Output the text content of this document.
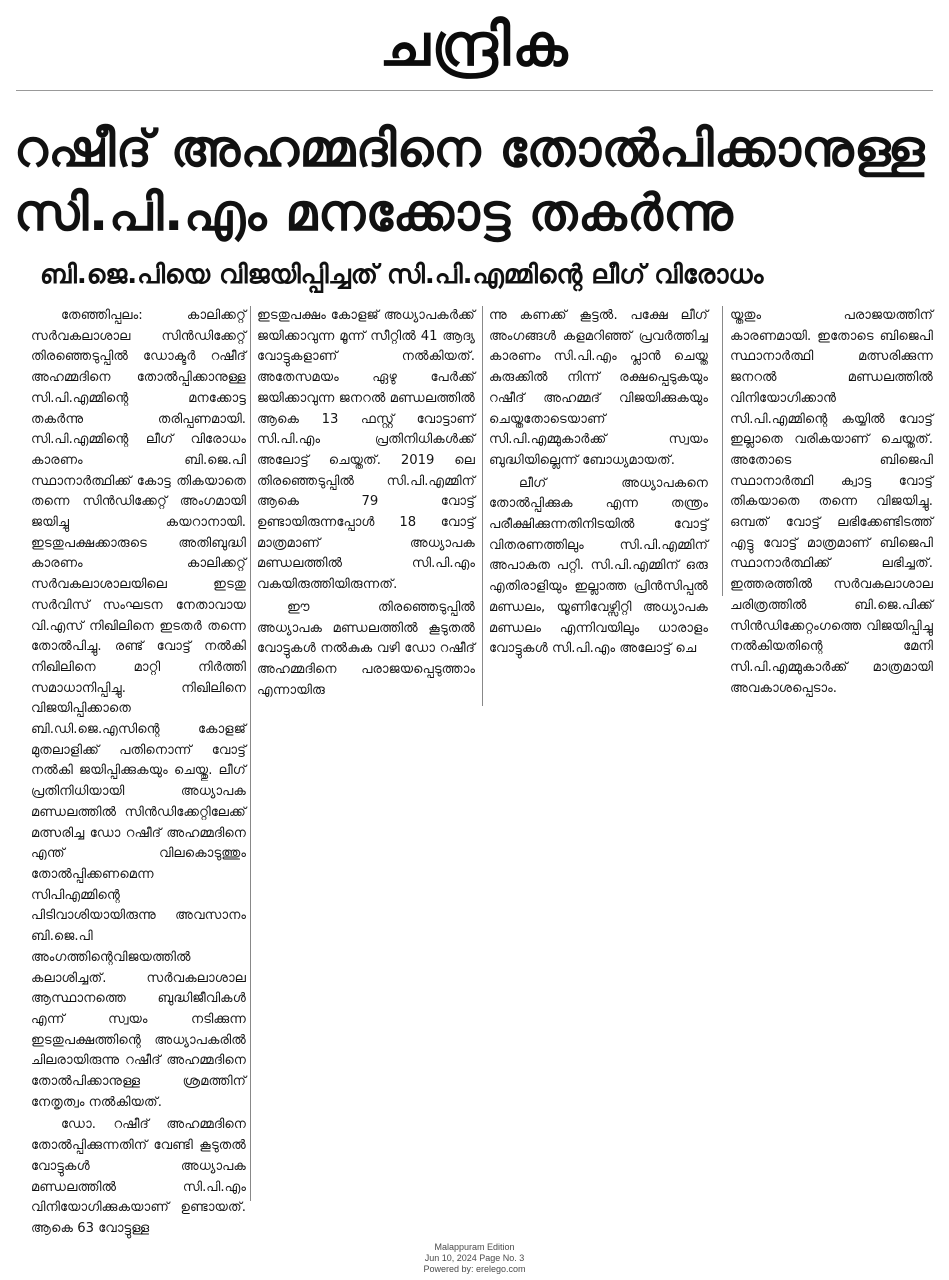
ചന്ദ്രിക
റഷീദ് അഹമ്മദിനെ തോൽപിക്കാനുള്ള സി.പി.എം മനക്കോട്ട തകർന്നു
ബി.ജെ.പിയെ വിജയിപ്പിച്ചത് സി.പി.എമ്മിന്റെ ലീഗ് വിരോധം

തേഞ്ഞിപ്പലം: കാലിക്കറ്റ് സർവകലാശാല സിൻഡിക്കേറ്റ് തിരഞ്ഞെടുപ്പിൽ ഡോക്ടർ റഷീദ് അഹമ്മദിനെ തോൽപ്പിക്കാനുള്ള സി.പി.എമ്മിന്റെ മനക്കോട്ട തകർന്നു തരിപ്പണമായി. സി.പി.എമ്മിന്റെ ലീഗ് വിരോധം കാരണം ബി.ജെ.പി സ്ഥാനാർത്ഥിക്ക് കോട്ട തികയാതെ തന്നെ സിൻഡിക്കേറ്റ് അംഗമായി ജയിച്ചു കയറാനായി. ഇടതുപക്ഷക്കാരുടെ അതിബുദ്ധി കാരണം കാലിക്കറ്റ് സർവകലാശാലയിലെ ഇടതു സർവിസ് സംഘടന നേതാവായ വി.എസ് നിഖിലിനെ ഇടതർ തന്നെ തോൽപിച്ചു. രണ്ട് വോട്ട് നൽകി നിഖിലിനെ മാറ്റി നിർത്തി സമാധാനിപ്പിച്ചു. നിഖിലിനെ വിജയിപ്പിക്കാതെ ബി.ഡി.ജെ.എസിന്റെ കോളജ് മുതലാളിക്ക് പതിനൊന്ന് വോട്ട് നൽകി ജയിപ്പിക്കുകയും ചെയ്തു. ലീഗ് പ്രതിനിധിയായി അധ്യാപക മണ്ഡലത്തിൽ സിൻഡിക്കേറ്റിലേക്ക് മത്സരിച്ച ഡോ റഷീദ് അഹമ്മദിനെ എന്ത് വിലകൊടുത്തും തോൽപ്പിക്കണമെന്ന സിപിഎമ്മിന്റെ പിടിവാശിയായിരുന്നു അവസാനം ബി.ജെ.പി അംഗത്തിന്റെവിജയത്തിൽ കലാശിച്ചത്. സർവകലാശാല ആസ്ഥാനത്തെ ബുദ്ധിജീവികൾ എന്ന് സ്വയം നടിക്കുന്ന ഇടതുപക്ഷത്തിന്റെ അധ്യാപകരിൽ ചിലരായിരുന്നു റഷീദ് അഹമ്മദിനെ തോൽപിക്കാനുള്ള ശ്രമത്തിന് നേതൃത്വം നൽകിയത്.

ഡോ. റഷീദ് അഹമ്മദിനെ തോൽപ്പിക്കുന്നതിന് വേണ്ടി കൂടുതൽ വോട്ടുകൾ അധ്യാപക മണ്ഡലത്തിൽ സി.പി.എം വിനിയോഗിക്കുകയാണ് ഉണ്ടായത്. ആകെ 63 വോട്ടുള്ള

ഇടതുപക്ഷം കോളജ് അധ്യാപകർക്ക് ജയിക്കാവുന്ന മൂന്ന് സീറ്റിൽ 41 ആദ്യ വോട്ടുകളാണ് നൽകിയത്. അതേസമയം ഏഴു പേർക്ക് ജയിക്കാവുന്ന ജനറൽ മണ്ഡലത്തിൽ ആകെ 13 ഫസ്റ്റ് വോട്ടാണ് സി.പി.എം പ്രതിനിധികൾക്ക് അലോട്ട് ചെയ്തത്. 2019 ലെ തിരഞ്ഞെടുപ്പിൽ സി.പി.എമ്മിന് ആകെ 79 വോട്ട് ഉണ്ടായിരുന്നപ്പോൾ 18 വോട്ട് മാത്രമാണ് അധ്യാപക മണ്ഡലത്തിൽ സി.പി.എം വകയിരുത്തിയിരുന്നത്.

ഈ തിരഞ്ഞെടുപ്പിൽ അധ്യാപക മണ്ഡലത്തിൽ കൂടുതൽ വോട്ടുകൾ നൽകുക വഴി ഡോ റഷീദ് അഹമ്മദിനെ പരാജയപ്പെടുത്താം എന്നായിരു

ന്നു കണക്ക് കൂട്ടൽ. പക്ഷേ ലീഗ് അംഗങ്ങൾ കളമറിഞ്ഞ് പ്രവർത്തിച്ച കാരണം സി.പി.എം പ്ലാൻ ചെയ്ത കുരുക്കിൽ നിന്ന് രക്ഷപ്പെടുകയും റഷീദ് അഹമ്മദ് വിജയിക്കുകയും ചെയ്തതോടെയാണ് സി.പി.എമ്മുകാർക്ക് സ്വയം ബുദ്ധിയില്ലെന്ന് ബോധ്യമായത്.

ലീഗ് അധ്യാപകനെ തോൽപ്പിക്കുക എന്ന തന്ത്രം പരീക്ഷിക്കുന്നതിനിടയിൽ വോട്ട് വിതരണത്തിലും സി.പി.എമ്മിന് അപാകത പറ്റി. സി.പി.എമ്മിന് ഒരു എതിരാളിയും ഇല്ലാത്ത പ്രിൻസിപ്പൽ മണ്ഡലം, യൂണിവേഴ്സിറ്റി അധ്യാപക മണ്ഡലം എന്നിവയിലും ധാരാളം വോട്ടുകൾ സി.പി.എം അലോട്ട് ചെ

യ്തതും പരാജയത്തിന് കാരണമായി. ഇതോടെ ബിജെപി സ്ഥാനാർത്ഥി മത്സരിക്കുന്ന ജനറൽ മണ്ഡലത്തിൽ വിനിയോഗിക്കാൻ സി.പി.എമ്മിന്റെ കയ്യിൽ വോട്ട് ഇല്ലാതെ വരികയാണ് ചെയ്തത്. അതോടെ ബിജെപി സ്ഥാനാർത്ഥി ക്വാട്ട വോട്ട് തികയാതെ തന്നെ വിജയിച്ചു. ഒമ്പത് വോട്ട് ലഭിക്കേണ്ടിടത്ത് എട്ടു വോട്ട് മാത്രമാണ് ബിജെപി സ്ഥാനാർത്ഥിക്ക് ലഭിച്ചത്. ഇത്തരത്തിൽ സർവകലാശാല ചരിത്രത്തിൽ ബി.ജെ.പിക്ക് സിൻഡിക്കേറ്റംഗത്തെ വിജയിപ്പിച്ചു നൽകിയതിന്റെ മേനി സി.പി.എമ്മുകാർക്ക് മാത്രമായി അവകാശപ്പെടാം.

Malappuram Edition
Jun 10, 2024 Page No. 3
Powered by: erelego.com
